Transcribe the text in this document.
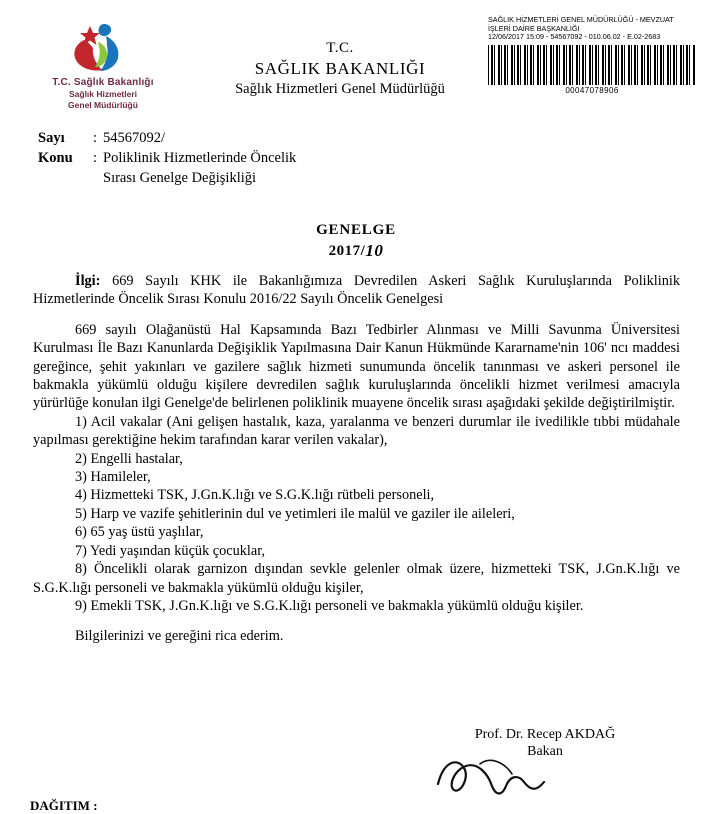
T.C. Sağlık Bakanlığı
Sağlık Hizmetleri
Genel Müdürlüğü
T.C.
SAĞLIK BAKANLIĞI
Sağlık Hizmetleri Genel Müdürlüğü
SAĞLIK HİZMETLERİ GENEL MÜDÜRLÜĞÜ - MEVZUAT
İŞLERİ DAİRE BAŞKANLIĞI
12/06/2017 15:09 - 54567092 - 010.06.02 - E.02-2683
00047078906
Sayı	: 54567092/
Konu	: Poliklinik Hizmetlerinde Öncelik
Sırası Genelge Değişikliği
GENELGE
2017/10
İlgi: 669 Sayılı KHK ile Bakanlığımıza Devredilen Askeri Sağlık Kuruluşlarında Poliklinik Hizmetlerinde Öncelik Sırası Konulu 2016/22 Sayılı Öncelik Genelgesi
669 sayılı Olağanüstü Hal Kapsamında Bazı Tedbirler Alınması ve Milli Savunma Üniversitesi Kurulması İle Bazı Kanunlarda Değişiklik Yapılmasına Dair Kanun Hükmünde Kararname'nin 106' ncı maddesi gereğince, şehit yakınları ve gazilere sağlık hizmeti sunumunda öncelik tanınması ve askeri personel ile bakmakla yükümlü olduğu kişilere devredilen sağlık kuruluşlarında öncelikli hizmet verilmesi amacıyla yürürlüğe konulan ilgi Genelge'de belirlenen poliklinik muayene öncelik sırası aşağıdaki şekilde değiştirilmiştir.
1) Acil vakalar (Ani gelişen hastalık, kaza, yaralanma ve benzeri durumlar ile ivedilikle tıbbi müdahale yapılması gerektiğine hekim tarafından karar verilen vakalar),
2) Engelli hastalar,
3) Hamileler,
4) Hizmetteki TSK, J.Gn.K.lığı ve S.G.K.lığı rütbeli personeli,
5) Harp ve vazife şehitlerinin dul ve yetimleri ile malül ve gaziler ile aileleri,
6) 65 yaş üstü yaşlılar,
7) Yedi yaşından küçük çocuklar,
8) Öncelikli olarak garnizon dışından sevkle gelenler olmak üzere, hizmetteki TSK, J.Gn.K.lığı ve S.G.K.lığı personeli ve bakmakla yükümlü olduğu kişiler,
9) Emekli TSK, J.Gn.K.lığı ve S.G.K.lığı personeli ve bakmakla yükümlü olduğu kişiler.
Bilgilerinizi ve gereğini rica ederim.
Prof. Dr. Recep AKDAĞ
Bakan
DAĞITIM :
